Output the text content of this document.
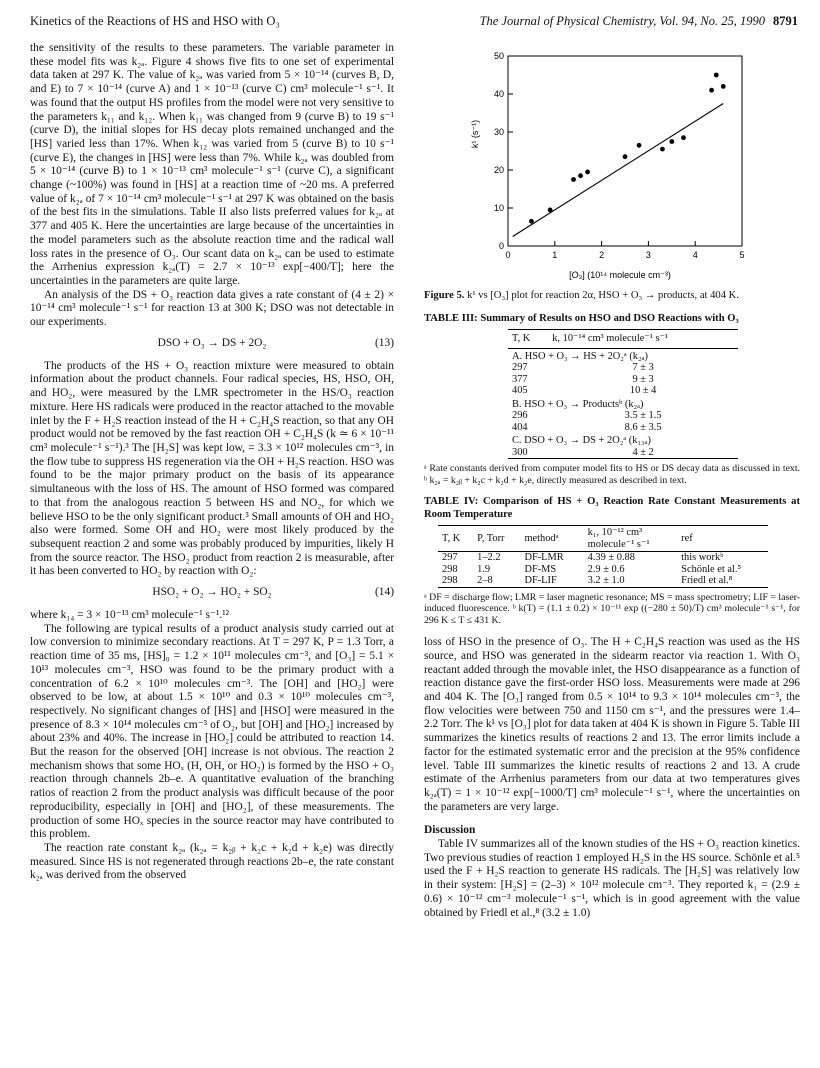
Kinetics of the Reactions of HS and HSO with O₃	The Journal of Physical Chemistry, Vol. 94, No. 25, 1990 8791

the sensitivity of the results to these parameters. The variable parameter in these model fits was k₂ₐ. Figure 4 shows five fits to one set of experimental data taken at 297 K. The value of k₂ₐ was varied from 5 × 10⁻¹⁴ (curves B, D, and E) to 7 × 10⁻¹⁴ (curve A) and 1 × 10⁻¹³ (curve C) cm³ molecule⁻¹ s⁻¹. It was found that the output HS profiles from the model were not very sensitive to the parameters k₁₁ and k₁₂. When k₁₁ was changed from 9 (curve B) to 19 s⁻¹ (curve D), the initial slopes for HS decay plots remained unchanged and the [HS] varied less than 17%. When k₁₂ was varied from 5 (curve B) to 10 s⁻¹ (curve E), the changes in [HS] were less than 7%. While k₂ₐ was doubled from 5 × 10⁻¹⁴ (curve B) to 1 × 10⁻¹³ cm³ molecule⁻¹ s⁻¹ (curve C), a significant change (~100%) was found in [HS] at a reaction time of ~20 ms. A preferred value of k₂ₐ of 7 × 10⁻¹⁴ cm³ molecule⁻¹ s⁻¹ at 297 K was obtained on the basis of the best fits in the simulations. Table II also lists preferred values for k₂ₐ at 377 and 405 K. Here the uncertainties are large because of the uncertainties in the model parameters such as the absolute reaction time and the radical wall loss rates in the presence of O₃. Our scant data on k₂ₐ can be used to estimate the Arrhenius expression k₂ₐ(T) = 2.7 × 10⁻¹³ exp[−400/T]; here the uncertainties in the parameters are quite large.

An analysis of the DS + O₃ reaction data gives a rate constant of (4 ± 2) × 10⁻¹⁴ cm³ molecule⁻¹ s⁻¹ for reaction 13 at 300 K; DSO was not detectable in our experiments.

DSO + O₃ → DS + 2O₂	(13)

The products of the HS + O₃ reaction mixture were measured to obtain information about the product channels. Four radical species, HS, HSO, OH, and HO₂, were measured by the LMR spectrometer in the HS/O₃ reaction mixture. Here HS radicals were produced in the reactor attached to the movable inlet by the F + H₂S reaction instead of the H + C₂H₄S reaction, so that any OH product would not be removed by the fast reaction OH + C₂H₄S (k ≃ 6 × 10⁻¹¹ cm³ molecule⁻¹ s⁻¹).³ The [H₂S] was kept low, = 3.3 × 10¹² molecules cm⁻³, in the flow tube to suppress HS regeneration via the OH + H₂S reaction. HSO was found to be the major primary product on the basis of its appearance simultaneous with the loss of HS. The amount of HSO formed was compared to that from the analogous reaction 5 between HS and NO₂, for which we believe HSO to be the only significant product.³ Small amounts of OH and HO₂ also were formed. Some OH and HO₂ were most likely produced by the subsequent reaction 2 and some was probably produced by impurities, likely H from the source reactor. The HSO₂ product from reaction 2 is measurable, after it has been converted to HO₂ by reaction with O₂:

HSO₂ + O₂ → HO₂ + SO₂	(14)

where k₁₄ = 3 × 10⁻¹³ cm³ molecule⁻¹ s⁻¹.¹²

The following are typical results of a product analysis study carried out at low conversion to minimize secondary reactions. At T = 297 K, P = 1.3 Torr, a reaction time of 35 ms, [HS]₀ = 1.2 × 10¹¹ molecules cm⁻³, and [O₃] = 5.1 × 10¹³ molecules cm⁻³, HSO was found to be the primary product with a concentration of 6.2 × 10¹⁰ molecules cm⁻³. The [OH] and [HO₂] were observed to be low, at about 1.5 × 10¹⁰ and 0.3 × 10¹⁰ molecules cm⁻³, respectively. No significant changes of [HS] and [HSO] were measured in the presence of 8.3 × 10¹⁴ molecules cm⁻³ of O₂, but [OH] and [HO₂] increased by about 23% and 40%. The increase in [HO₂] could be attributed to reaction 14. But the reason for the observed [OH] increase is not obvious. The reaction 2 mechanism shows that some HOₓ (H, OH, or HO₂) is formed by the HSO + O₃ reaction through channels 2b–e. A quantitative evaluation of the branching ratios of reaction 2 from the product analysis was difficult because of the poor reproducibility, especially in [OH] and [HO₂], of these measurements. The production of some HOₓ species in the source reactor may have contributed to this problem.

The reaction rate constant k₂ₐ (k₂ₐ = k₂ᵦ + k₂c + k₂d + k₂e) was directly measured. Since HS is not regenerated through reactions 2b–e, the rate constant k₂ₐ was derived from the observed

0	1	2	3	4	5
0
10
20
30
40
50
k¹ (s⁻¹)
[O₃] (10¹⁴ molecule cm⁻³)
Figure 5. k¹ vs [O₃] plot for reaction 2α, HSO + O₃ → products, at 404 K.
TABLE III: Summary of Results on HSO and DSO Reactions with O₃
T, K	k, 10⁻¹⁴ cm³ molecule⁻¹ s⁻¹
A. HSO + O₃ → HS + 2O₂ᵃ (k₂ₐ)	
297	7 ± 3
377	9 ± 3
405	10 ± 4
B. HSO + O₃ → Productsᵇ (k₂ₐ)	
296	3.5 ± 1.5
404	8.6 ± 3.5
C. DSO + O₃ → DS + 2O₂ᵃ (k₁₃ₐ)	
300	4 ± 2
ᵃ Rate constants derived from computer model fits to HS or DS decay data as discussed in text. ᵇ k₂ₐ = k₂ᵦ + k₂c + k₂d + k₂e, directly measured as described in text.
TABLE IV: Comparison of HS + O₃ Reaction Rate Constant Measurements at Room Temperature
T, K	P, Torr	methodᵃ	k₁, 10⁻¹² cm³
molecule⁻¹ s⁻¹	ref
297	1–2.2	DF-LMR	4.39 ± 0.88	this workᵇ
298	1.9	DF-MS	2.9 ± 0.6	Schönle et al.⁵
298	2–8	DF-LIF	3.2 ± 1.0	Friedl et al.⁸
ᵃ DF = discharge flow; LMR = laser magnetic resonance; MS = mass spectrometry; LIF = laser-induced fluorescence. ᵇ k(T) = (1.1 ± 0.2) × 10⁻¹¹ exp ((−280 ± 50)/T) cm³ molecule⁻¹ s⁻¹, for 296 K ≤ T ≤ 431 K.

loss of HSO in the presence of O₃. The H + C₂H₄S reaction was used as the HS source, and HSO was generated in the sidearm reactor via reaction 1. With O₃ reactant added through the movable inlet, the HSO disappearance as a function of reaction distance gave the first-order HSO loss. Measurements were made at 296 and 404 K. The [O₃] ranged from 0.5 × 10¹⁴ to 9.3 × 10¹⁴ molecules cm⁻³, the flow velocities were between 750 and 1150 cm s⁻¹, and the pressures were 1.4–2.2 Torr. The k¹ vs [O₃] plot for data taken at 404 K is shown in Figure 5. Table III summarizes the kinetics results of reactions 2 and 13. The error limits include a factor for the estimated systematic error and the precision at the 95% confidence level. Table III summarizes the kinetic results of reactions 2 and 13. A crude estimate of the Arrhenius parameters from our data at two temperatures gives k₂ₐ(T) = 1 × 10⁻¹² exp[−1000/T] cm³ molecule⁻¹ s⁻¹, where the uncertainties on the parameters are very large.

Discussion

Table IV summarizes all of the known studies of the HS + O₃ reaction kinetics. Two previous studies of reaction 1 employed H₂S in the HS source. Schönle et al.⁵ used the F + H₂S reaction to generate HS radicals. The [H₂S] was relatively low in their system: [H₂S] = (2–3) × 10¹² molecule cm⁻³. They reported k₁ = (2.9 ± 0.6) × 10⁻¹² cm⁻³ molecule⁻¹ s⁻¹, which is in good agreement with the value obtained by Friedl et al.,⁸ (3.2 ± 1.0)
